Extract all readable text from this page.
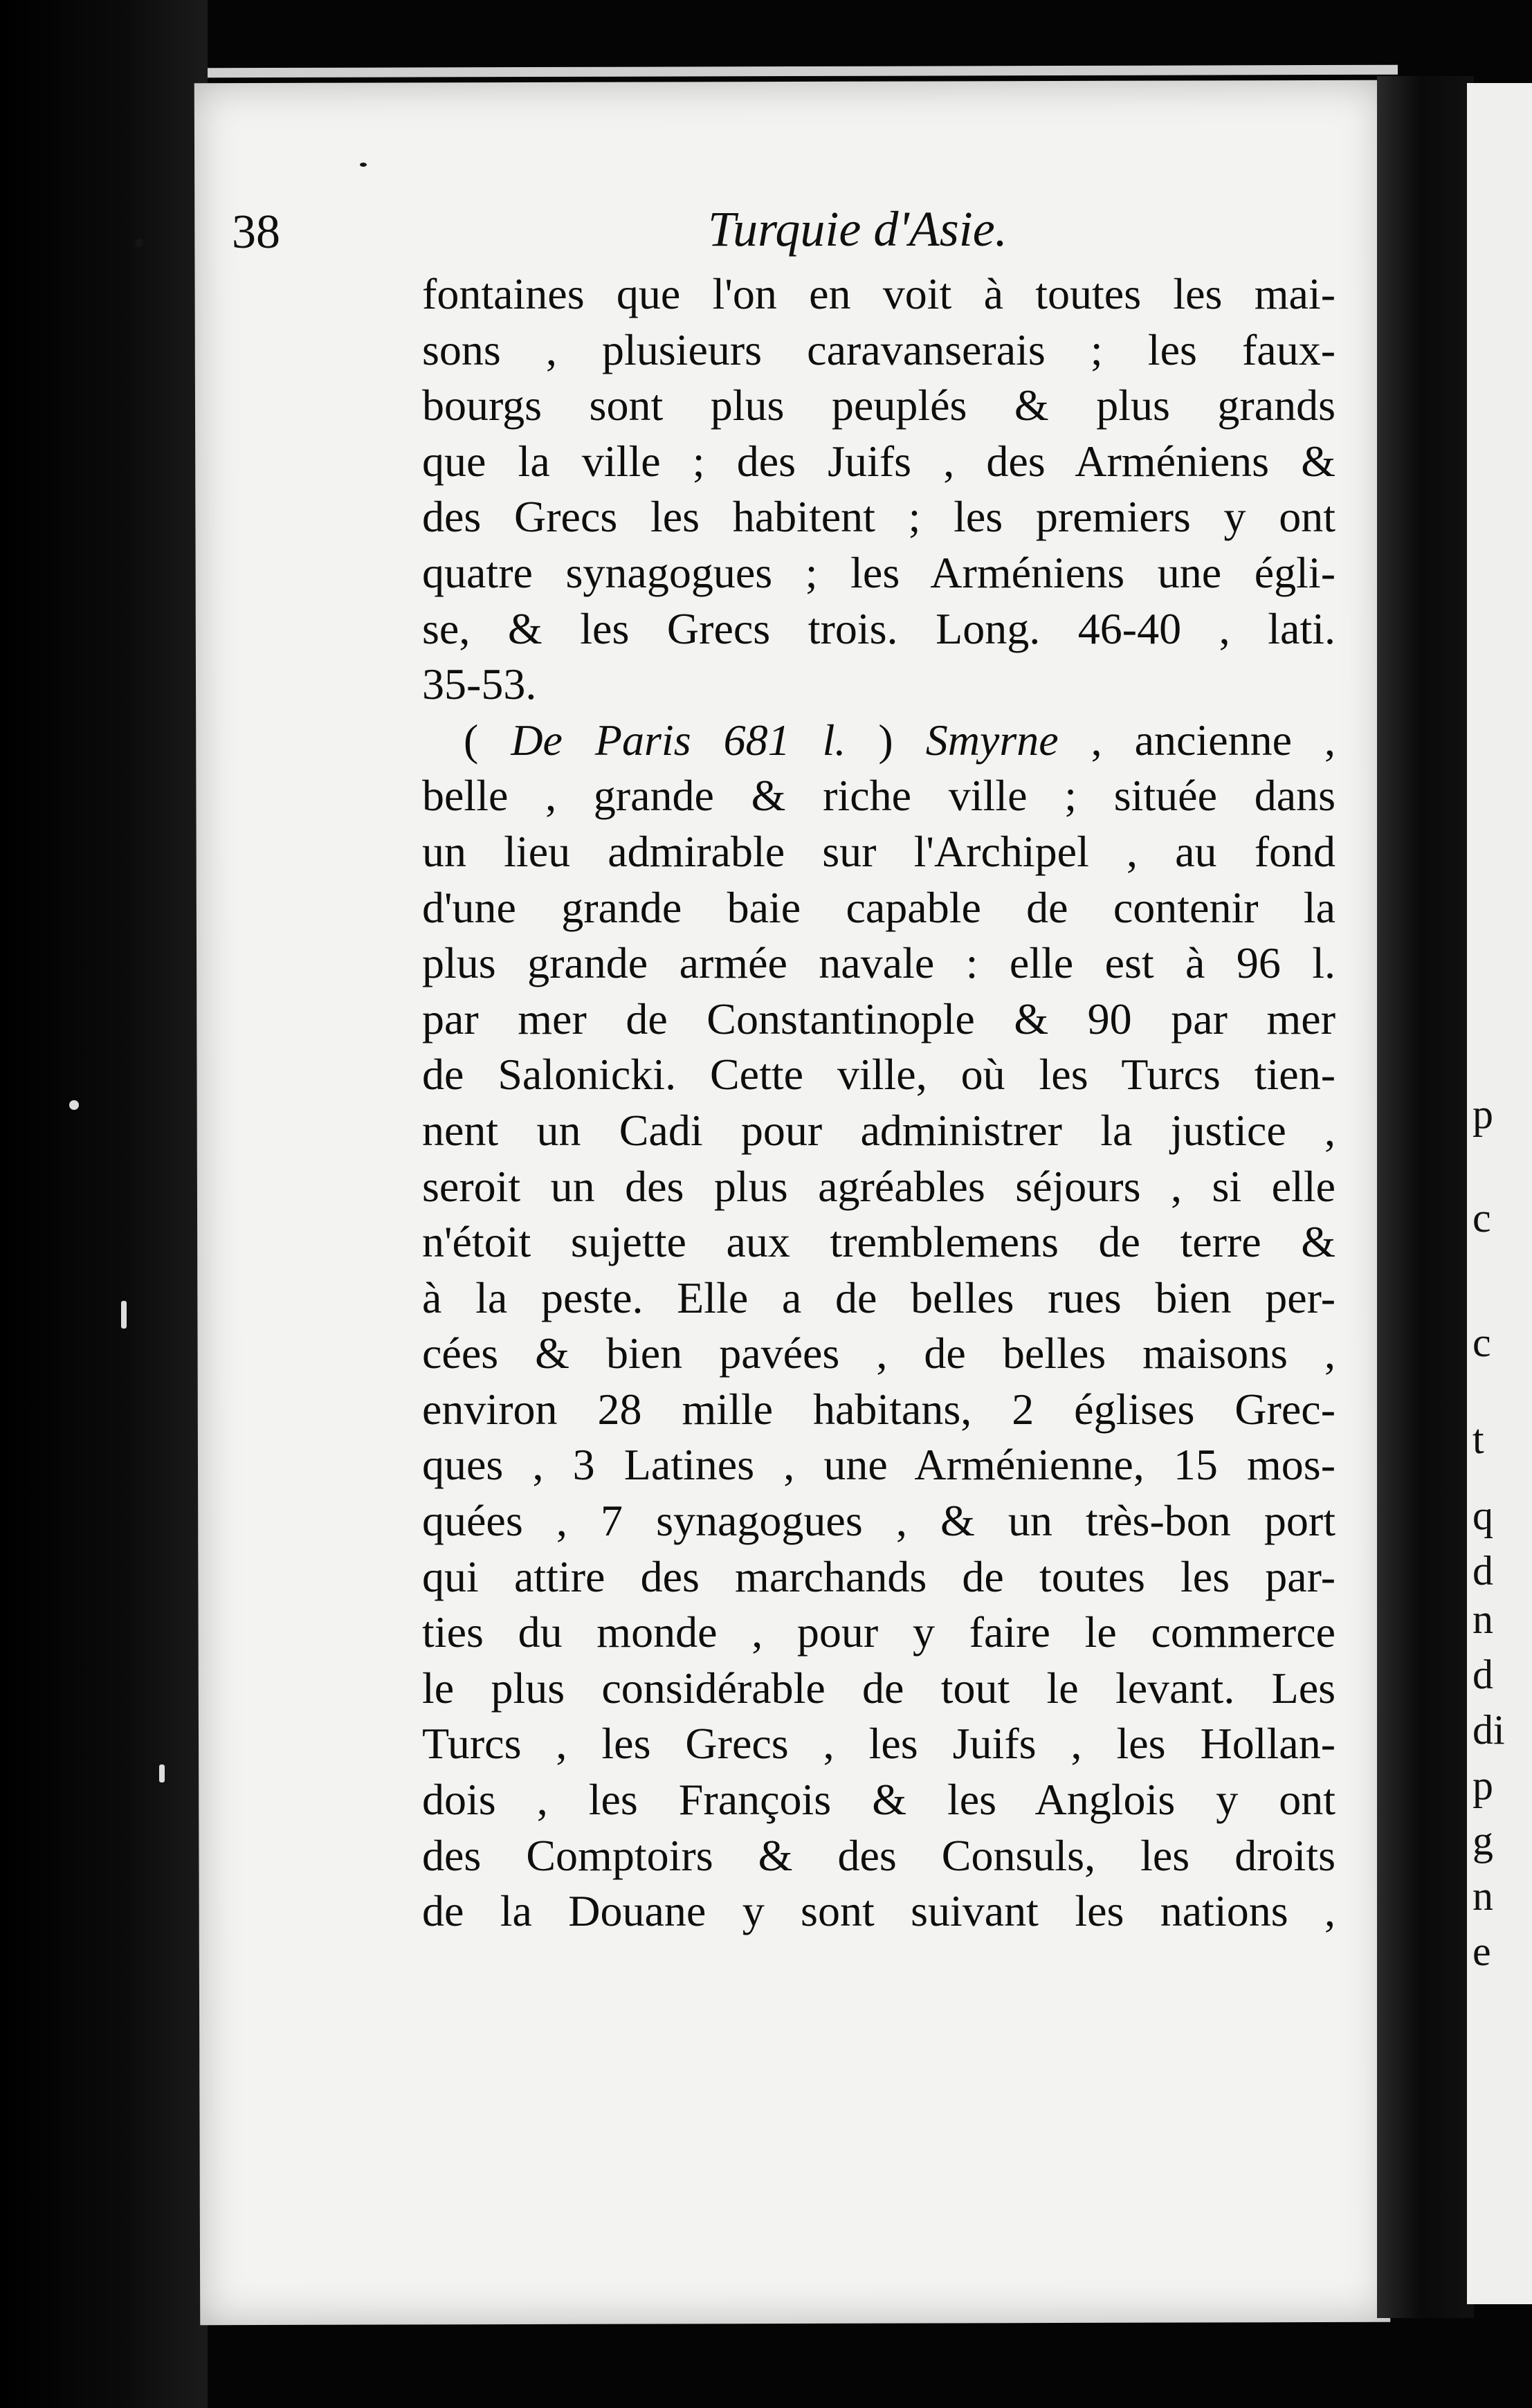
p
c
c
t
q
d
n
d
di
p
g
n
e
38	Turquie d'Asie.
fontaines que l'on en voit à toutes les mai-
sons , plusieurs caravanserais ; les faux-
bourgs sont plus peuplés & plus grands
que la ville ; des Juifs , des Arméniens &
des Grecs les habitent ; les premiers y ont
quatre synagogues ; les Arméniens une égli-
se, & les Grecs trois. Long. 46-40 , lati.
35-53.
( De Paris 681 l. ) Smyrne , ancienne ,
belle , grande & riche ville ; située dans
un lieu admirable sur l'Archipel , au fond
d'une grande baie capable de contenir la
plus grande armée navale : elle est à 96 l.
par mer de Constantinople & 90 par mer
de Salonicki. Cette ville, où les Turcs tien-
nent un Cadi pour administrer la justice ,
seroit un des plus agréables séjours , si elle
n'étoit sujette aux tremblemens de terre &
à la peste. Elle a de belles rues bien per-
cées & bien pavées , de belles maisons ,
environ 28 mille habitans, 2 églises Grec-
ques , 3 Latines , une Arménienne, 15 mos-
quées , 7 synagogues , & un très-bon port
qui attire des marchands de toutes les par-
ties du monde , pour y faire le commerce
le plus considérable de tout le levant. Les
Turcs , les Grecs , les Juifs , les Hollan-
dois , les François & les Anglois y ont
des Comptoirs & des Consuls, les droits
de la Douane y sont suivant les nations ,
